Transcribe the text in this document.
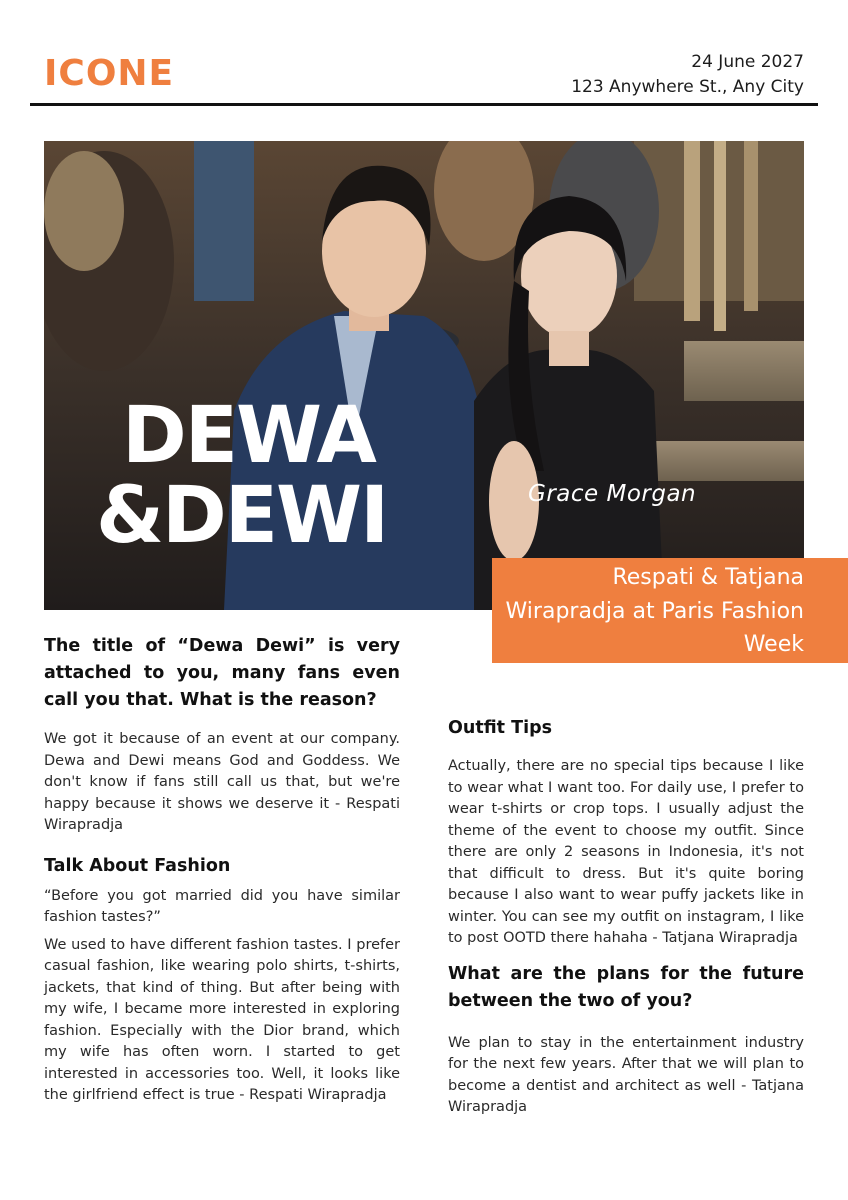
ICONE	24 June 2027
123 Anywhere St., Any City
DEWA
&DEWI	Grace Morgan
Respati & Tatjana Wirapradja at Paris Fashion Week
The title of “Dewa Dewi” is very attached to you, many fans even call you that. What is the reason?
We got it because of an event at our company. Dewa and Dewi means God and Goddess. We don't know if fans still call us that, but we're happy because it shows we deserve it - Respati Wirapradja
Talk About Fashion
“Before you got married did you have similar fashion tastes?”
We used to have different fashion tastes. I prefer casual fashion, like wearing polo shirts, t-shirts, jackets, that kind of thing. But after being with my wife, I became more interested in exploring fashion. Especially with the Dior brand, which my wife has often worn. I started to get interested in accessories too. Well, it looks like the girlfriend effect is true - Respati Wirapradja
Outfit Tips
Actually, there are no special tips because I like to wear what I want too. For daily use, I prefer to wear t-shirts or crop tops. I usually adjust the theme of the event to choose my outfit. Since there are only 2 seasons in Indonesia, it's not that difficult to dress. But it's quite boring because I also want to wear puffy jackets like in winter. You can see my outfit on instagram, I like to post OOTD there hahaha - Tatjana Wirapradja
What are the plans for the future between the two of you?
We plan to stay in the entertainment industry for the next few years. After that we will plan to become a dentist and architect as well - Tatjana Wirapradja
